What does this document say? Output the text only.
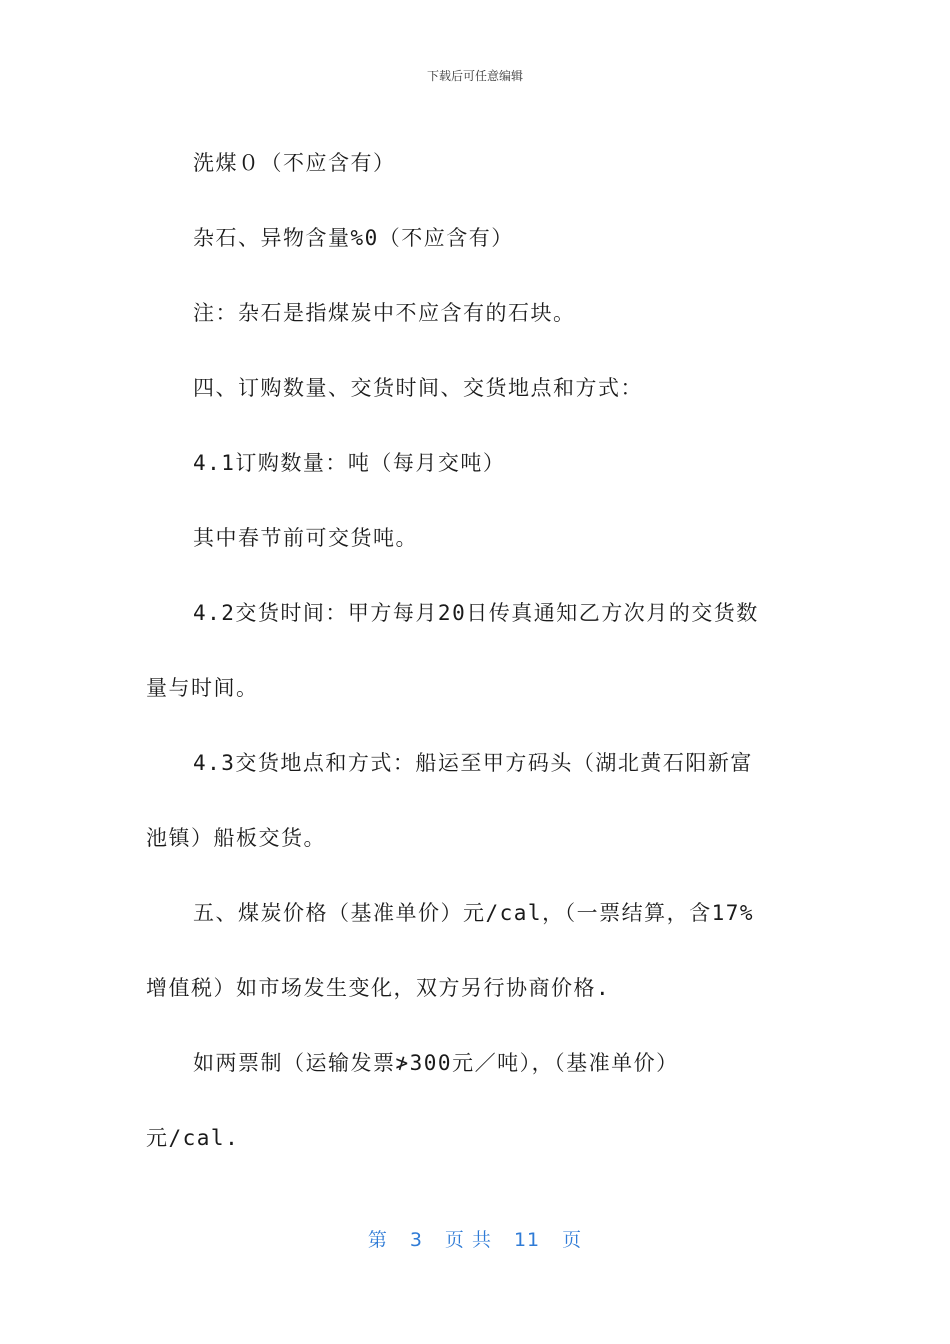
下载后可任意编辑

洗煤０（不应含有）

杂石、异物含量%0（不应含有）

注：杂石是指煤炭中不应含有的石块。

四、订购数量、交货时间、交货地点和方式：

4.1订购数量：吨（每月交吨）

其中春节前可交货吨。

4.2交货时间：甲方每月20日传真通知乙方次月的交货数

量与时间。

4.3交货地点和方式：船运至甲方码头（湖北黄石阳新富

池镇）船板交货。

五、煤炭价格（基准单价）元/cal，（一票结算，含17%

增值税）如市场发生变化，双方另行协商价格.

如两票制（运输发票≯300元／吨），（基准单价）

元/cal.

第 3 页 共 11 页
